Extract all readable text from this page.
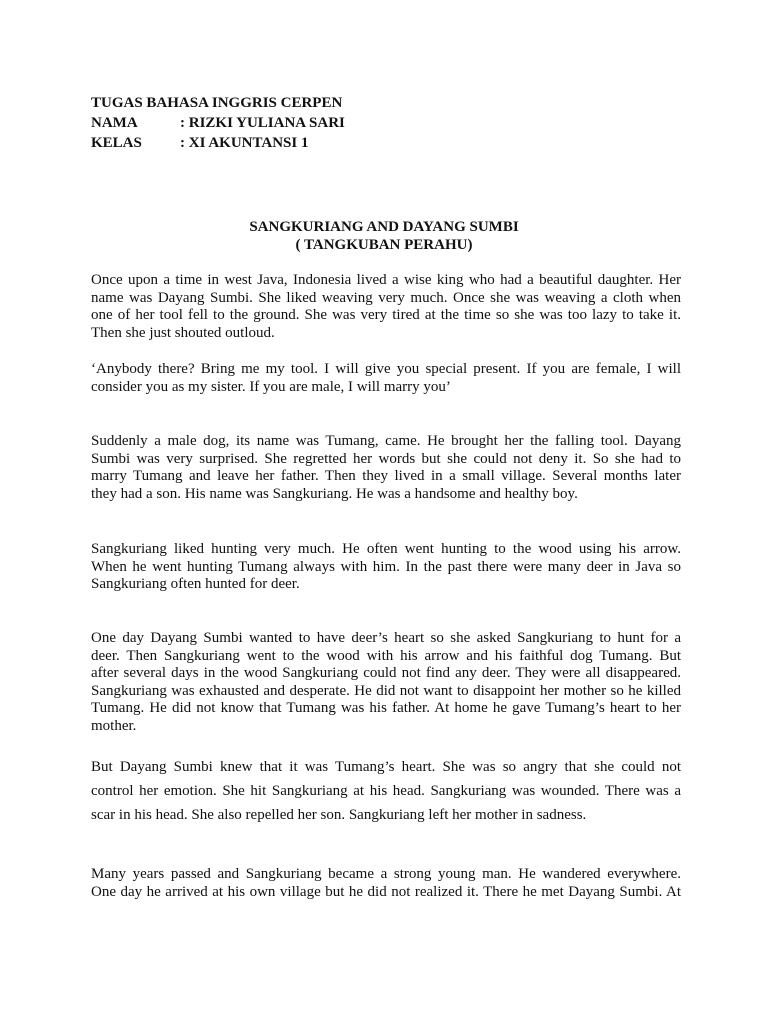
TUGAS BAHASA INGGRIS CERPEN
NAMA	: RIZKI YULIANA SARI
KELAS	: XI AKUNTANSI 1
SANGKURIANG AND DAYANG SUMBI
( TANGKUBAN PERAHU)
Once upon a time in west Java, Indonesia lived a wise king who had a beautiful daughter. Her
name was Dayang Sumbi. She liked weaving very much. Once she was weaving a cloth when
one of her tool fell to the ground. She was very tired at the time so she was too lazy to take it.
Then she just shouted outloud.
‘Anybody there? Bring me my tool. I will give you special present. If you are female, I will
consider you as my sister. If you are male, I will marry you’
Suddenly a male dog, its name was Tumang, came. He brought her the falling tool. Dayang
Sumbi was very surprised. She regretted her words but she could not deny it. So she had to
marry Tumang and leave her father. Then they lived in a small village. Several months later
they had a son. His name was Sangkuriang. He was a handsome and healthy boy.
Sangkuriang liked hunting very much. He often went hunting to the wood using his arrow.
When he went hunting Tumang always with him. In the past there were many deer in Java so
Sangkuriang often hunted for deer.
One day Dayang Sumbi wanted to have deer’s heart so she asked Sangkuriang to hunt for a
deer. Then Sangkuriang went to the wood with his arrow and his faithful dog Tumang. But
after several days in the wood Sangkuriang could not find any deer. They were all disappeared.
Sangkuriang was exhausted and desperate. He did not want to disappoint her mother so he killed
Tumang. He did not know that Tumang was his father. At home he gave Tumang’s heart to her
mother.
But Dayang Sumbi knew that it was Tumang’s heart. She was so angry that she could not
control her emotion. She hit Sangkuriang at his head. Sangkuriang was wounded. There was a
scar in his head. She also repelled her son. Sangkuriang left her mother in sadness.
Many years passed and Sangkuriang became a strong young man. He wandered everywhere.
One day he arrived at his own village but he did not realized it. There he met Dayang Sumbi. At
